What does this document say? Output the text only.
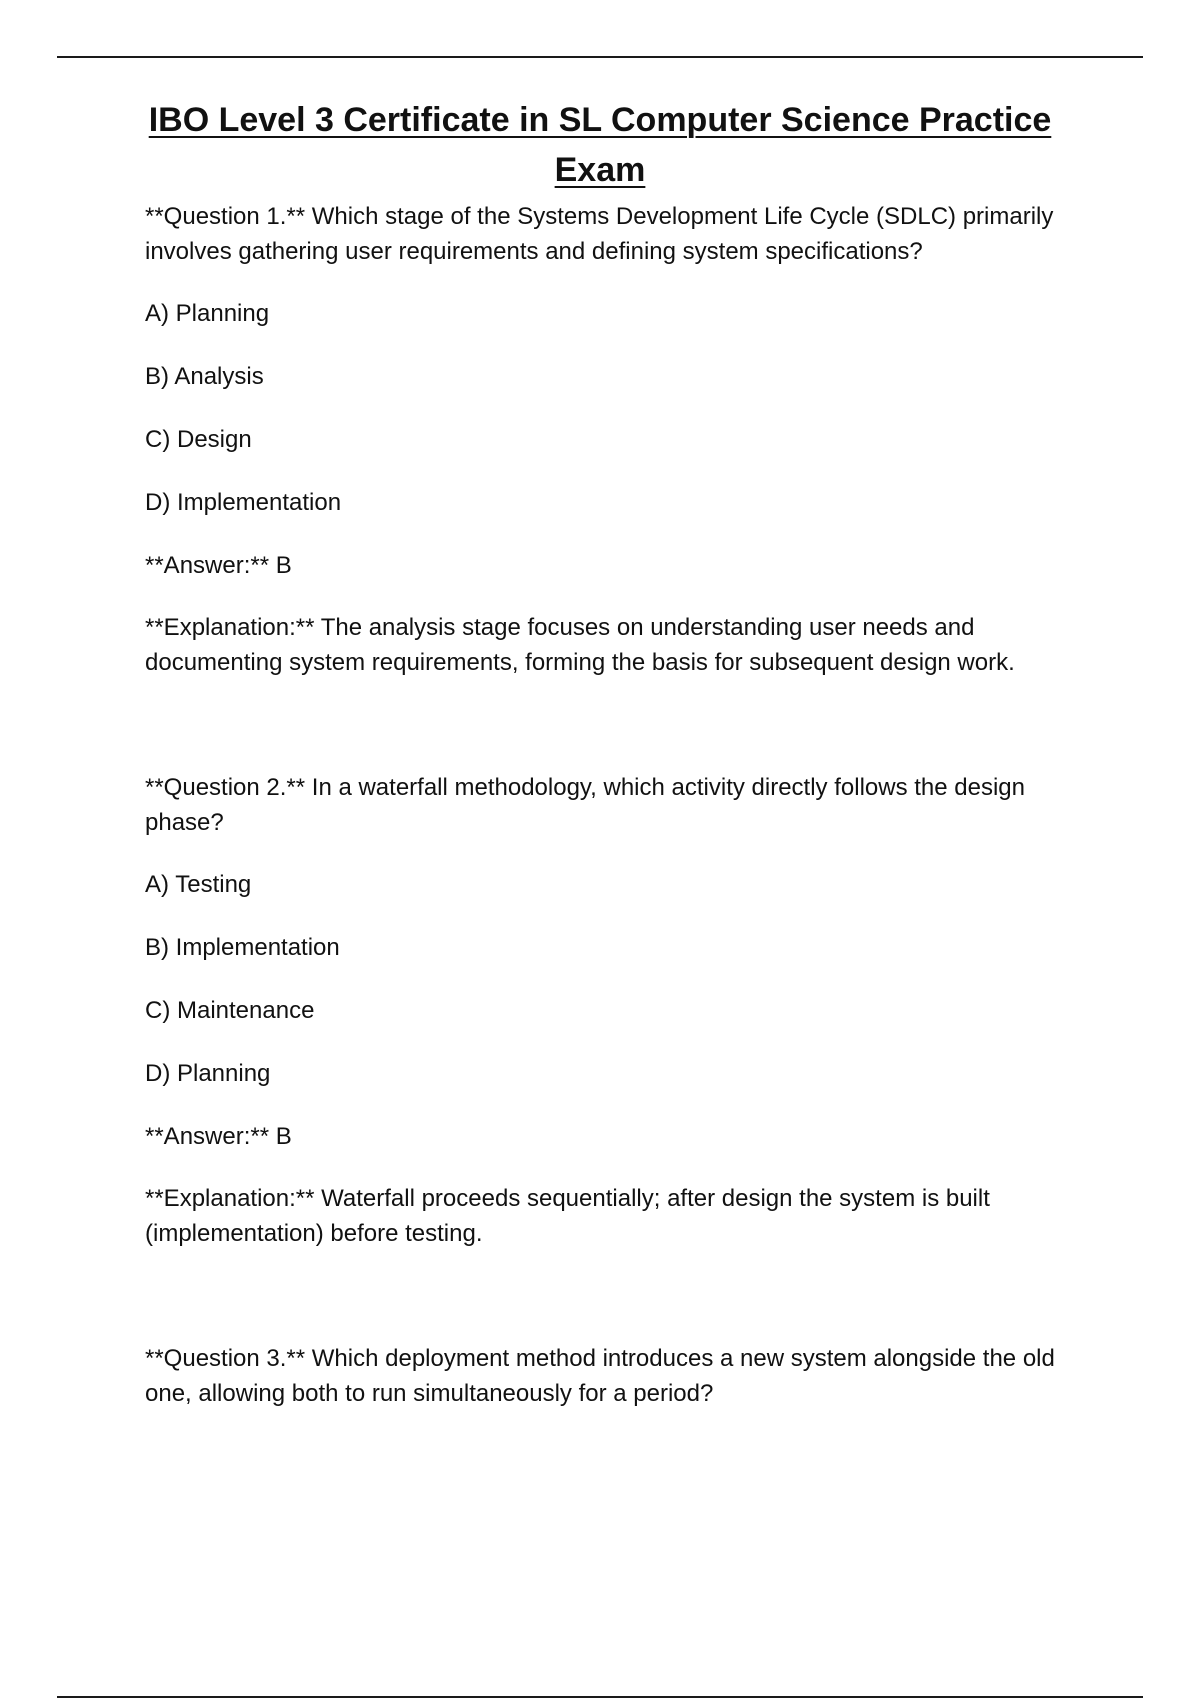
IBO Level 3 Certificate in SL Computer Science Practice
Exam

**Question 1.** Which stage of the Systems Development Life Cycle (SDLC) primarily involves gathering user requirements and defining system specifications?

A) Planning

B) Analysis

C) Design

D) Implementation

**Answer:** B

**Explanation:** The analysis stage focuses on understanding user needs and documenting system requirements, forming the basis for subsequent design work.

**Question 2.** In a waterfall methodology, which activity directly follows the design phase?

A) Testing

B) Implementation

C) Maintenance

D) Planning

**Answer:** B

**Explanation:** Waterfall proceeds sequentially; after design the system is built (implementation) before testing.

**Question 3.** Which deployment method introduces a new system alongside the old one, allowing both to run simultaneously for a period?
